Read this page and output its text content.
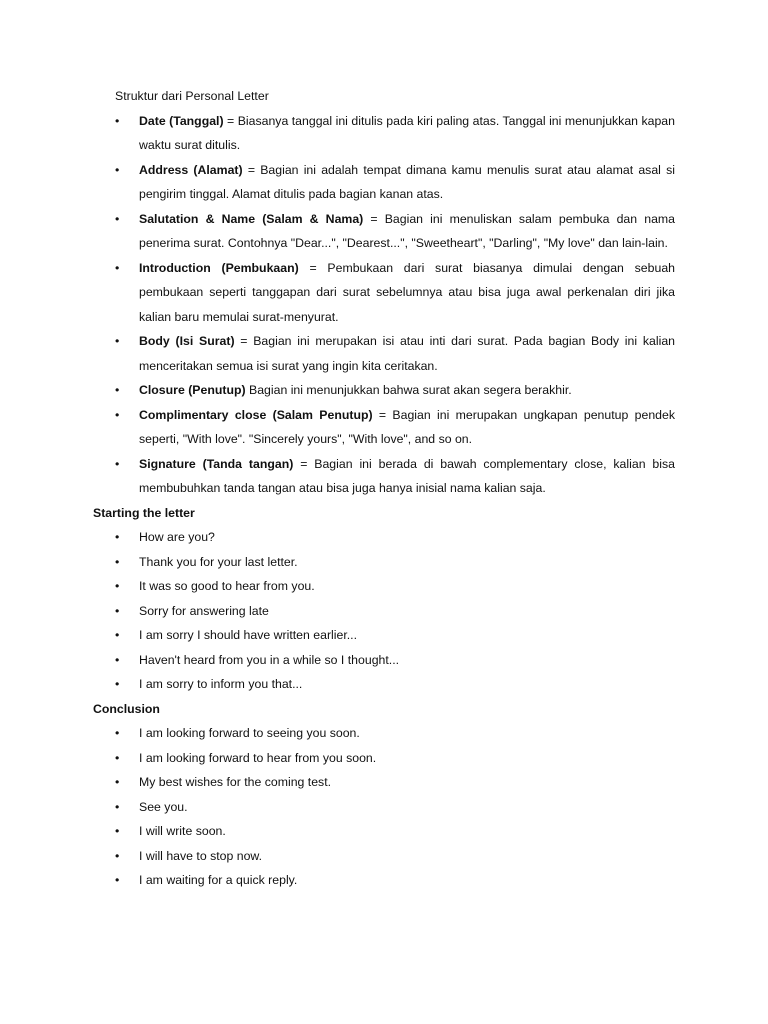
Struktur dari Personal Letter
• Date (Tanggal) = Biasanya tanggal ini ditulis pada kiri paling atas. Tanggal ini menunjukkan kapan waktu surat ditulis.
• Address (Alamat) = Bagian ini adalah tempat dimana kamu menulis surat atau alamat asal si pengirim tinggal. Alamat ditulis pada bagian kanan atas.
• Salutation & Name (Salam & Nama) = Bagian ini menuliskan salam pembuka dan nama penerima surat. Contohnya "Dear...", "Dearest...", "Sweetheart", "Darling", "My love" dan lain-lain.
• Introduction (Pembukaan) = Pembukaan dari surat biasanya dimulai dengan sebuah pembukaan seperti tanggapan dari surat sebelumnya atau bisa juga awal perkenalan diri jika kalian baru memulai surat-menyurat.
• Body (Isi Surat) = Bagian ini merupakan isi atau inti dari surat. Pada bagian Body ini kalian menceritakan semua isi surat yang ingin kita ceritakan.
• Closure (Penutup) Bagian ini menunjukkan bahwa surat akan segera berakhir.
• Complimentary close (Salam Penutup) = Bagian ini merupakan ungkapan penutup pendek seperti, "With love". "Sincerely yours", "With love", and so on.
• Signature (Tanda tangan) = Bagian ini berada di bawah complementary close, kalian bisa membubuhkan tanda tangan atau bisa juga hanya inisial nama kalian saja.
Starting the letter
• How are you?
• Thank you for your last letter.
• It was so good to hear from you.
• Sorry for answering late
• I am sorry I should have written earlier...
• Haven't heard from you in a while so I thought...
• I am sorry to inform you that...
Conclusion
• I am looking forward to seeing you soon.
• I am looking forward to hear from you soon.
• My best wishes for the coming test.
• See you.
• I will write soon.
• I will have to stop now.
• I am waiting for a quick reply.
